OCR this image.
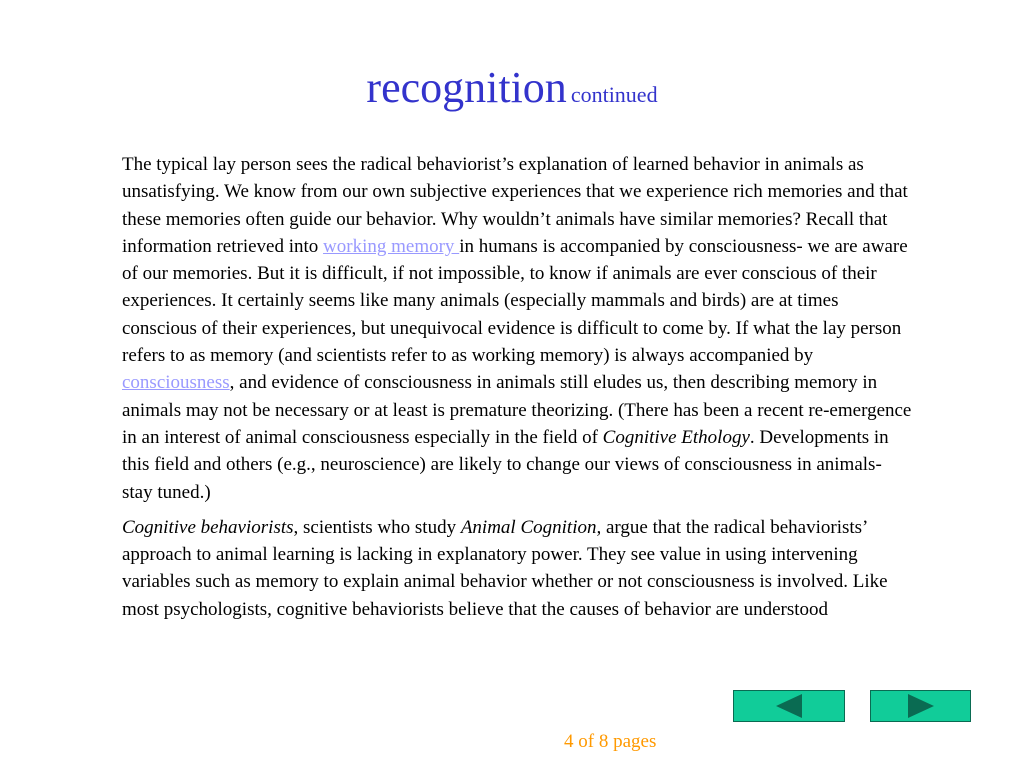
recognition continued

The typical lay person sees the radical behaviorist’s explanation of learned behavior in animals as unsatisfying. We know from our own subjective experiences that we experience rich memories and that these memories often guide our behavior. Why wouldn’t animals have similar memories? Recall that information retrieved into working memory in humans is accompanied by consciousness- we are aware of our memories. But it is difficult, if not impossible, to know if animals are ever conscious of their experiences. It certainly seems like many animals (especially mammals and birds) are at times conscious of their experiences, but unequivocal evidence is difficult to come by. If what the lay person refers to as memory (and scientists refer to as working memory) is always accompanied by consciousness, and evidence of consciousness in animals still eludes us, then describing memory in animals may not be necessary or at least is premature theorizing. (There has been a recent re-emergence in an interest of animal consciousness especially in the field of Cognitive Ethology. Developments in this field and others (e.g., neuroscience) are likely to change our views of consciousness in animals- stay tuned.)

Cognitive behaviorists, scientists who study Animal Cognition, argue that the radical behaviorists’ approach to animal learning is lacking in explanatory power. They see value in using intervening variables such as memory to explain animal behavior whether or not consciousness is involved. Like most psychologists, cognitive behaviorists believe that the causes of behavior are understood

4 of 8 pages
